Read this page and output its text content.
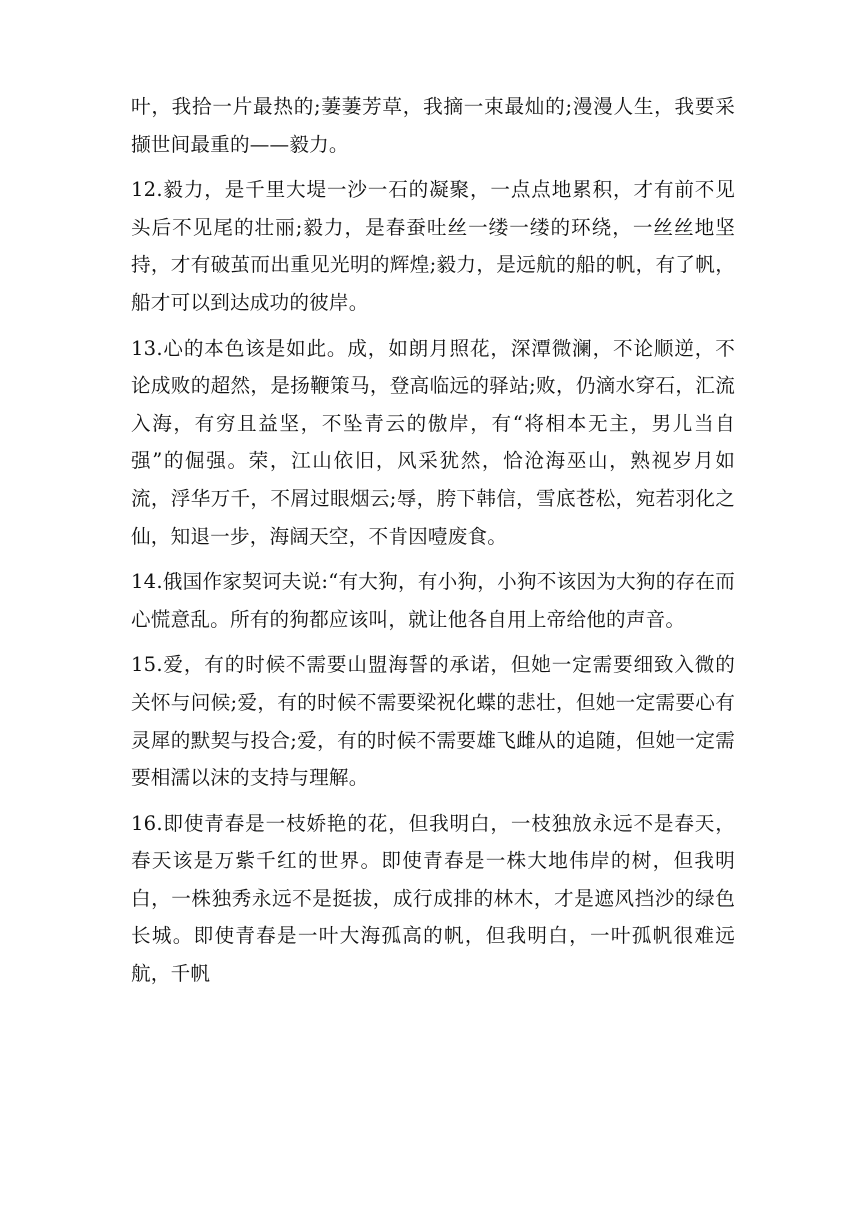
叶，我拾一片最热的;萋萋芳草，我摘一束最灿的;漫漫人生，我要采撷世间最重的——毅力。

12.毅力，是千里大堤一沙一石的凝聚，一点点地累积，才有前不见头后不见尾的壮丽;毅力，是春蚕吐丝一缕一缕的环绕，一丝丝地坚持，才有破茧而出重见光明的辉煌;毅力，是远航的船的帆，有了帆，船才可以到达成功的彼岸。

13.心的本色该是如此。成，如朗月照花，深潭微澜，不论顺逆，不论成败的超然，是扬鞭策马，登高临远的驿站;败，仍滴水穿石，汇流入海，有穷且益坚，不坠青云的傲岸，有“将相本无主，男儿当自强”的倔强。荣，江山依旧，风采犹然，恰沧海巫山，熟视岁月如流，浮华万千，不屑过眼烟云;辱，胯下韩信，雪底苍松，宛若羽化之仙，知退一步，海阔天空，不肯因噎废食。

14.俄国作家契诃夫说:“有大狗，有小狗，小狗不该因为大狗的存在而心慌意乱。所有的狗都应该叫，就让他各自用上帝给他的声音。

15.爱，有的时候不需要山盟海誓的承诺，但她一定需要细致入微的关怀与问候;爱，有的时候不需要梁祝化蝶的悲壮，但她一定需要心有灵犀的默契与投合;爱，有的时候不需要雄飞雌从的追随，但她一定需要相濡以沫的支持与理解。

16.即使青春是一枝娇艳的花，但我明白，一枝独放永远不是春天，春天该是万紫千红的世界。即使青春是一株大地伟岸的树，但我明白，一株独秀永远不是挺拔，成行成排的林木，才是遮风挡沙的绿色长城。即使青春是一叶大海孤高的帆，但我明白，一叶孤帆很难远航，千帆
